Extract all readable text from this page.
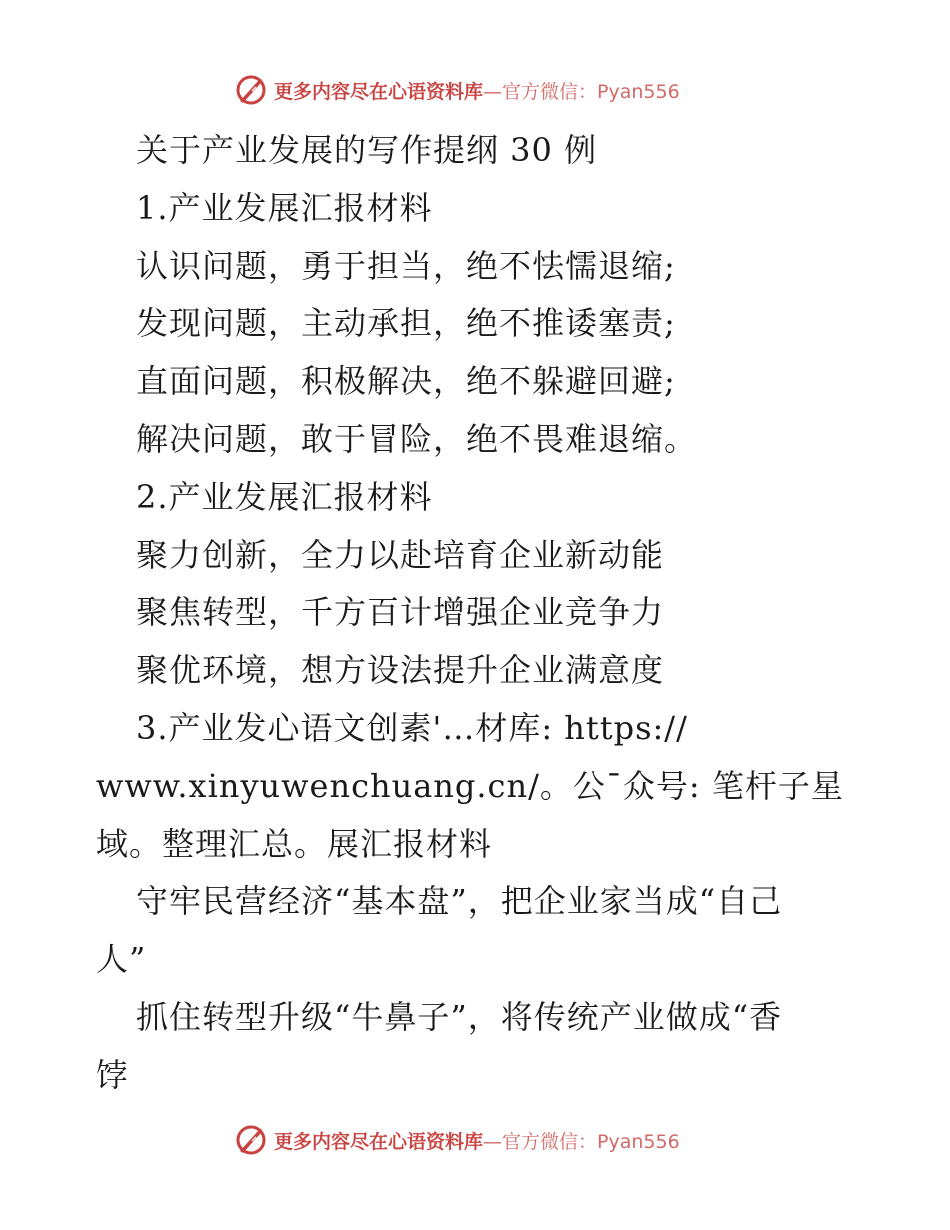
更多内容尽在心语资料库—官方微信：Pyan556
关于产业发展的写作提纲 30 例
1.产业发展汇报材料
认识问题，勇于担当，绝不怯懦退缩;
发现问题，主动承担，绝不推诿塞责;
直面问题，积极解决，绝不躲避回避;
解决问题，敢于冒险，绝不畏难退缩。
2.产业发展汇报材料
聚力创新，全力以赴培育企业新动能
聚焦转型，千方百计增强企业竞争力
聚优环境，想方设法提升企业满意度
3.产业发心语文创素'…材库: https://
www.xinyuwenchuang.cn/。公¯众号: 笔杆子星
域。整理汇总。展汇报材料
守牢民营经济“基本盘”，把企业家当成“自己
人”
抓住转型升级“牛鼻子”，将传统产业做成“香
饽
更多内容尽在心语资料库—官方微信：Pyan556
